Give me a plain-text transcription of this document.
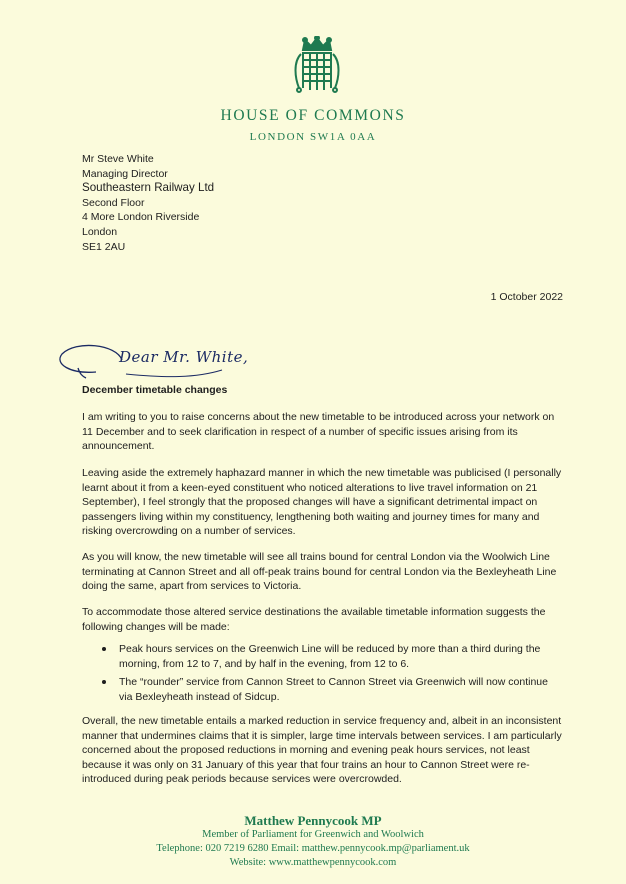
HOUSE OF COMMONS
LONDON SW1A 0AA
Mr Steve White
Managing Director
Southeastern Railway Ltd
Second Floor
4 More London Riverside
London
SE1 2AU
1 October 2022
Dear Mr. White,
December timetable changes

I am writing to you to raise concerns about the new timetable to be introduced across your network on 11 December and to seek clarification in respect of a number of specific issues arising from its announcement.

Leaving aside the extremely haphazard manner in which the new timetable was publicised (I personally learnt about it from a keen-eyed constituent who noticed alterations to live travel information on 21 September), I feel strongly that the proposed changes will have a significant detrimental impact on passengers living within my constituency, lengthening both waiting and journey times for many and risking overcrowding on a number of services.

As you will know, the new timetable will see all trains bound for central London via the Woolwich Line terminating at Cannon Street and all off-peak trains bound for central London via the Bexleyheath Line doing the same, apart from services to Victoria.

To accommodate those altered service destinations the available timetable information suggests the following changes will be made:

Peak hours services on the Greenwich Line will be reduced by more than a third during the morning, from 12 to 7, and by half in the evening, from 12 to 6.
The “rounder” service from Cannon Street to Cannon Street via Greenwich will now continue via Bexleyheath instead of Sidcup.

Overall, the new timetable entails a marked reduction in service frequency and, albeit in an inconsistent manner that undermines claims that it is simpler, large time intervals between services. I am particularly concerned about the proposed reductions in morning and evening peak hours services, not least because it was only on 31 January of this year that four trains an hour to Cannon Street were re-introduced during peak periods because services were overcrowded.

Matthew Pennycook MP
Member of Parliament for Greenwich and Woolwich
Telephone: 020 7219 6280 Email: matthew.pennycook.mp@parliament.uk
Website: www.matthewpennycook.com
